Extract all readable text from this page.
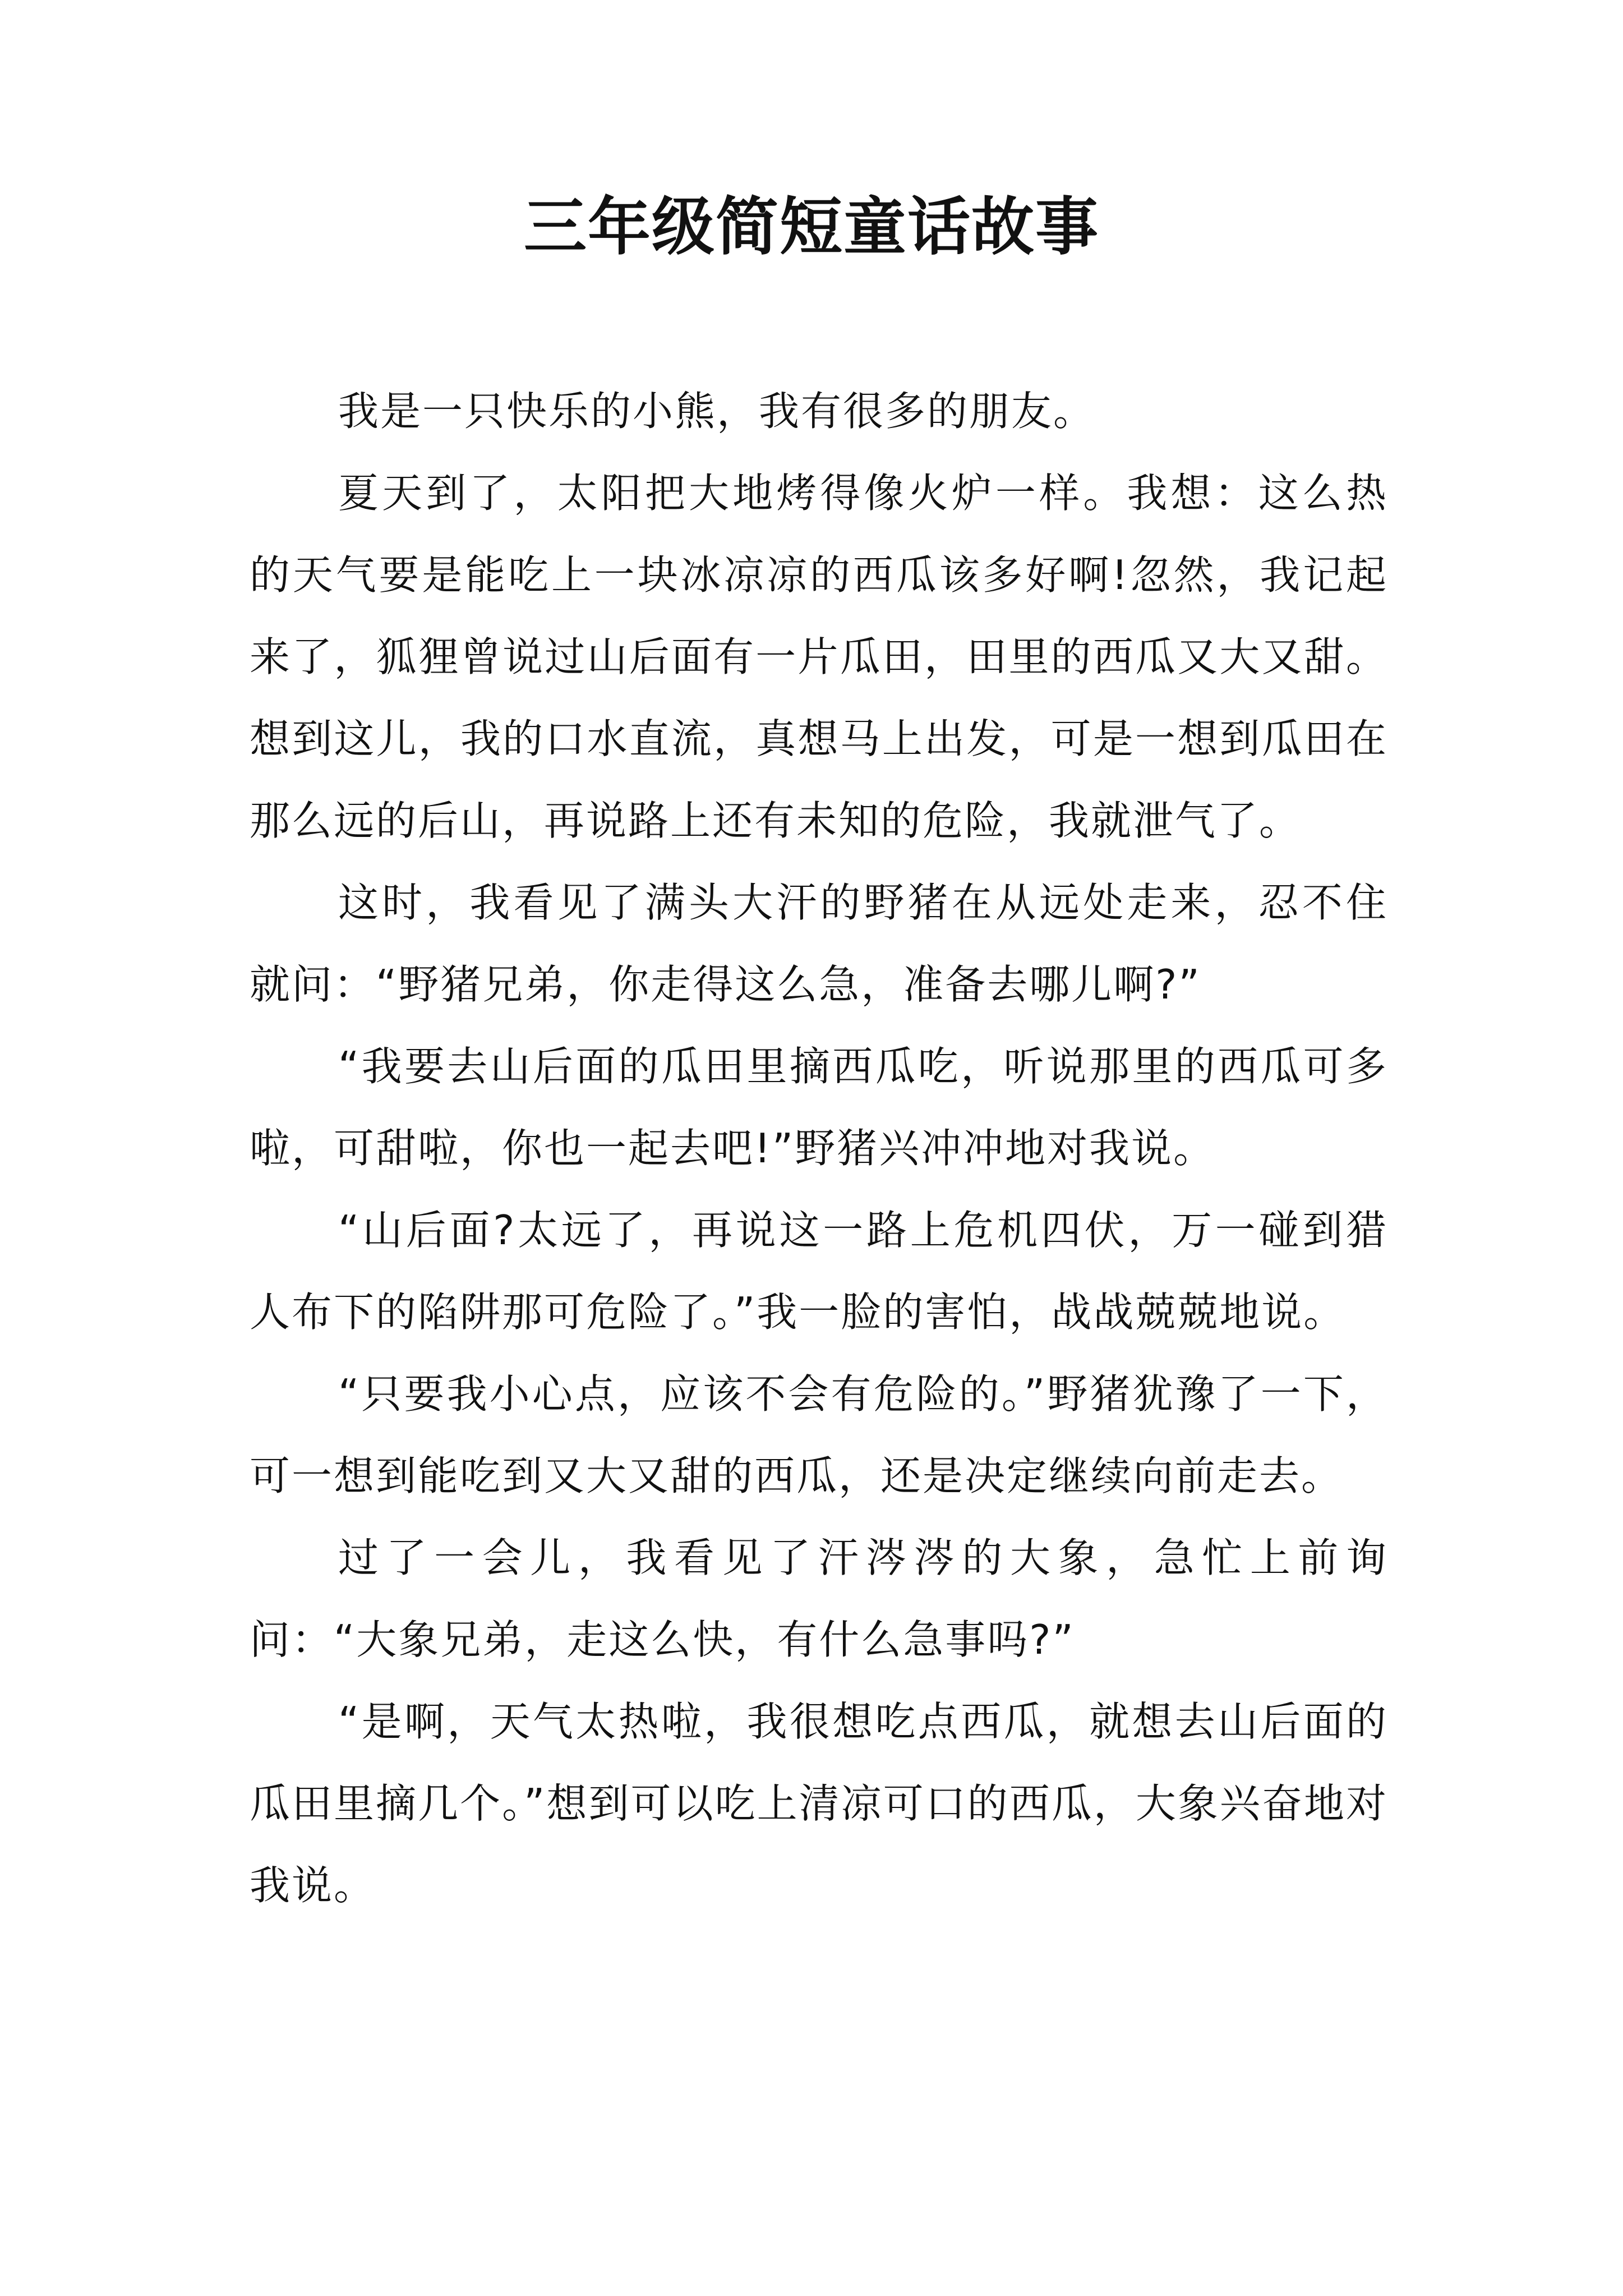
三年级简短童话故事

我是一只快乐的小熊，我有很多的朋友。

夏天到了，太阳把大地烤得像火炉一样。我想：这么热的天气要是能吃上一块冰凉凉的西瓜该多好啊!忽然，我记起来了，狐狸曾说过山后面有一片瓜田，田里的西瓜又大又甜。想到这儿，我的口水直流，真想马上出发，可是一想到瓜田在那么远的后山，再说路上还有未知的危险，我就泄气了。

这时，我看见了满头大汗的野猪在从远处走来，忍不住就问：“野猪兄弟，你走得这么急，准备去哪儿啊?”

“我要去山后面的瓜田里摘西瓜吃，听说那里的西瓜可多啦，可甜啦，你也一起去吧!”野猪兴冲冲地对我说。

“山后面?太远了，再说这一路上危机四伏，万一碰到猎人布下的陷阱那可危险了。”我一脸的害怕，战战兢兢地说。

“只要我小心点，应该不会有危险的。”野猪犹豫了一下，可一想到能吃到又大又甜的西瓜，还是决定继续向前走去。

过了一会儿，我看见了汗涔涔的大象，急忙上前询问：“大象兄弟，走这么快，有什么急事吗?”

“是啊，天气太热啦，我很想吃点西瓜，就想去山后面的瓜田里摘几个。”想到可以吃上清凉可口的西瓜，大象兴奋地对我说。
